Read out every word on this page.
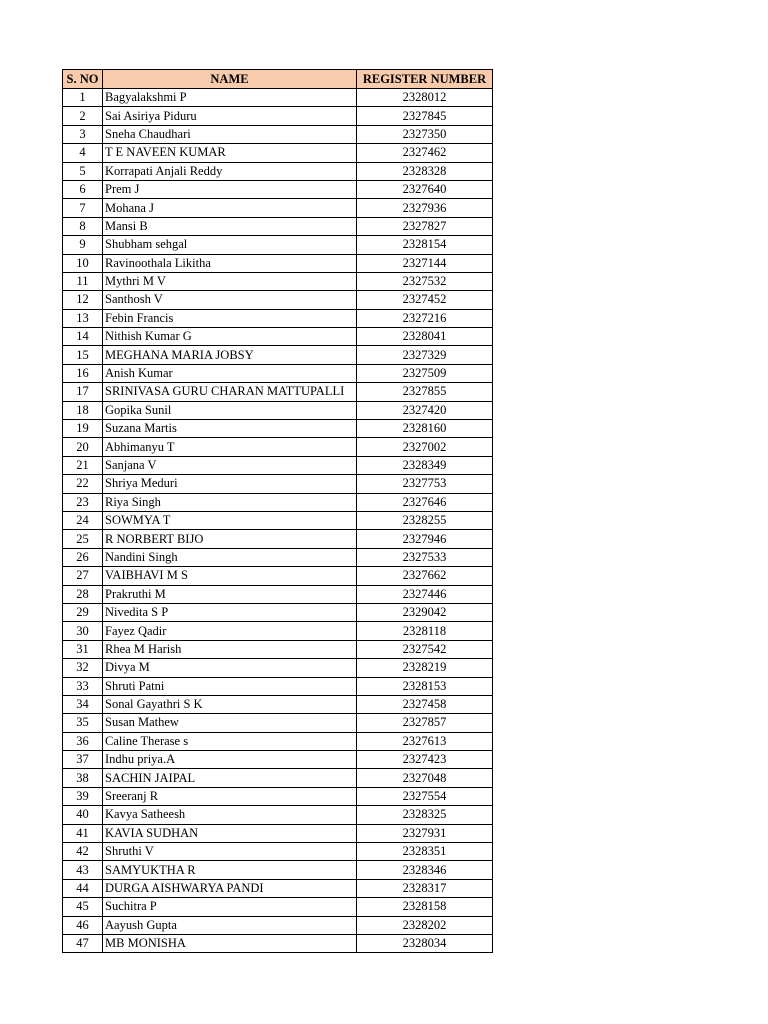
S. NO	NAME	REGISTER NUMBER
1	Bagyalakshmi P	2328012
2	Sai Asiriya Piduru	2327845
3	Sneha Chaudhari	2327350
4	T E NAVEEN KUMAR	2327462
5	Korrapati Anjali Reddy	2328328
6	Prem J	2327640
7	Mohana J	2327936
8	Mansi B	2327827
9	Shubham sehgal	2328154
10	Ravinoothala Likitha	2327144
11	Mythri M V	2327532
12	Santhosh V	2327452
13	Febin Francis	2327216
14	Nithish Kumar G	2328041
15	MEGHANA MARIA JOBSY	2327329
16	Anish Kumar	2327509
17	SRINIVASA GURU CHARAN MATTUPALLI	2327855
18	Gopika Sunil	2327420
19	Suzana Martis	2328160
20	Abhimanyu T	2327002
21	Sanjana V	2328349
22	Shriya Meduri	2327753
23	Riya Singh	2327646
24	SOWMYA T	2328255
25	R NORBERT BIJO	2327946
26	Nandini Singh	2327533
27	VAIBHAVI M S	2327662
28	Prakruthi M	2327446
29	Nivedita S P	2329042
30	Fayez Qadir	2328118
31	Rhea M Harish	2327542
32	Divya M	2328219
33	Shruti Patni	2328153
34	Sonal Gayathri S K	2327458
35	Susan Mathew	2327857
36	Caline Therase s	2327613
37	Indhu priya.A	2327423
38	SACHIN JAIPAL	2327048
39	Sreeranj R	2327554
40	Kavya Satheesh	2328325
41	KAVIA SUDHAN	2327931
42	Shruthi V	2328351
43	SAMYUKTHA R	2328346
44	DURGA AISHWARYA PANDI	2328317
45	Suchitra P	2328158
46	Aayush Gupta	2328202
47	MB MONISHA	2328034
